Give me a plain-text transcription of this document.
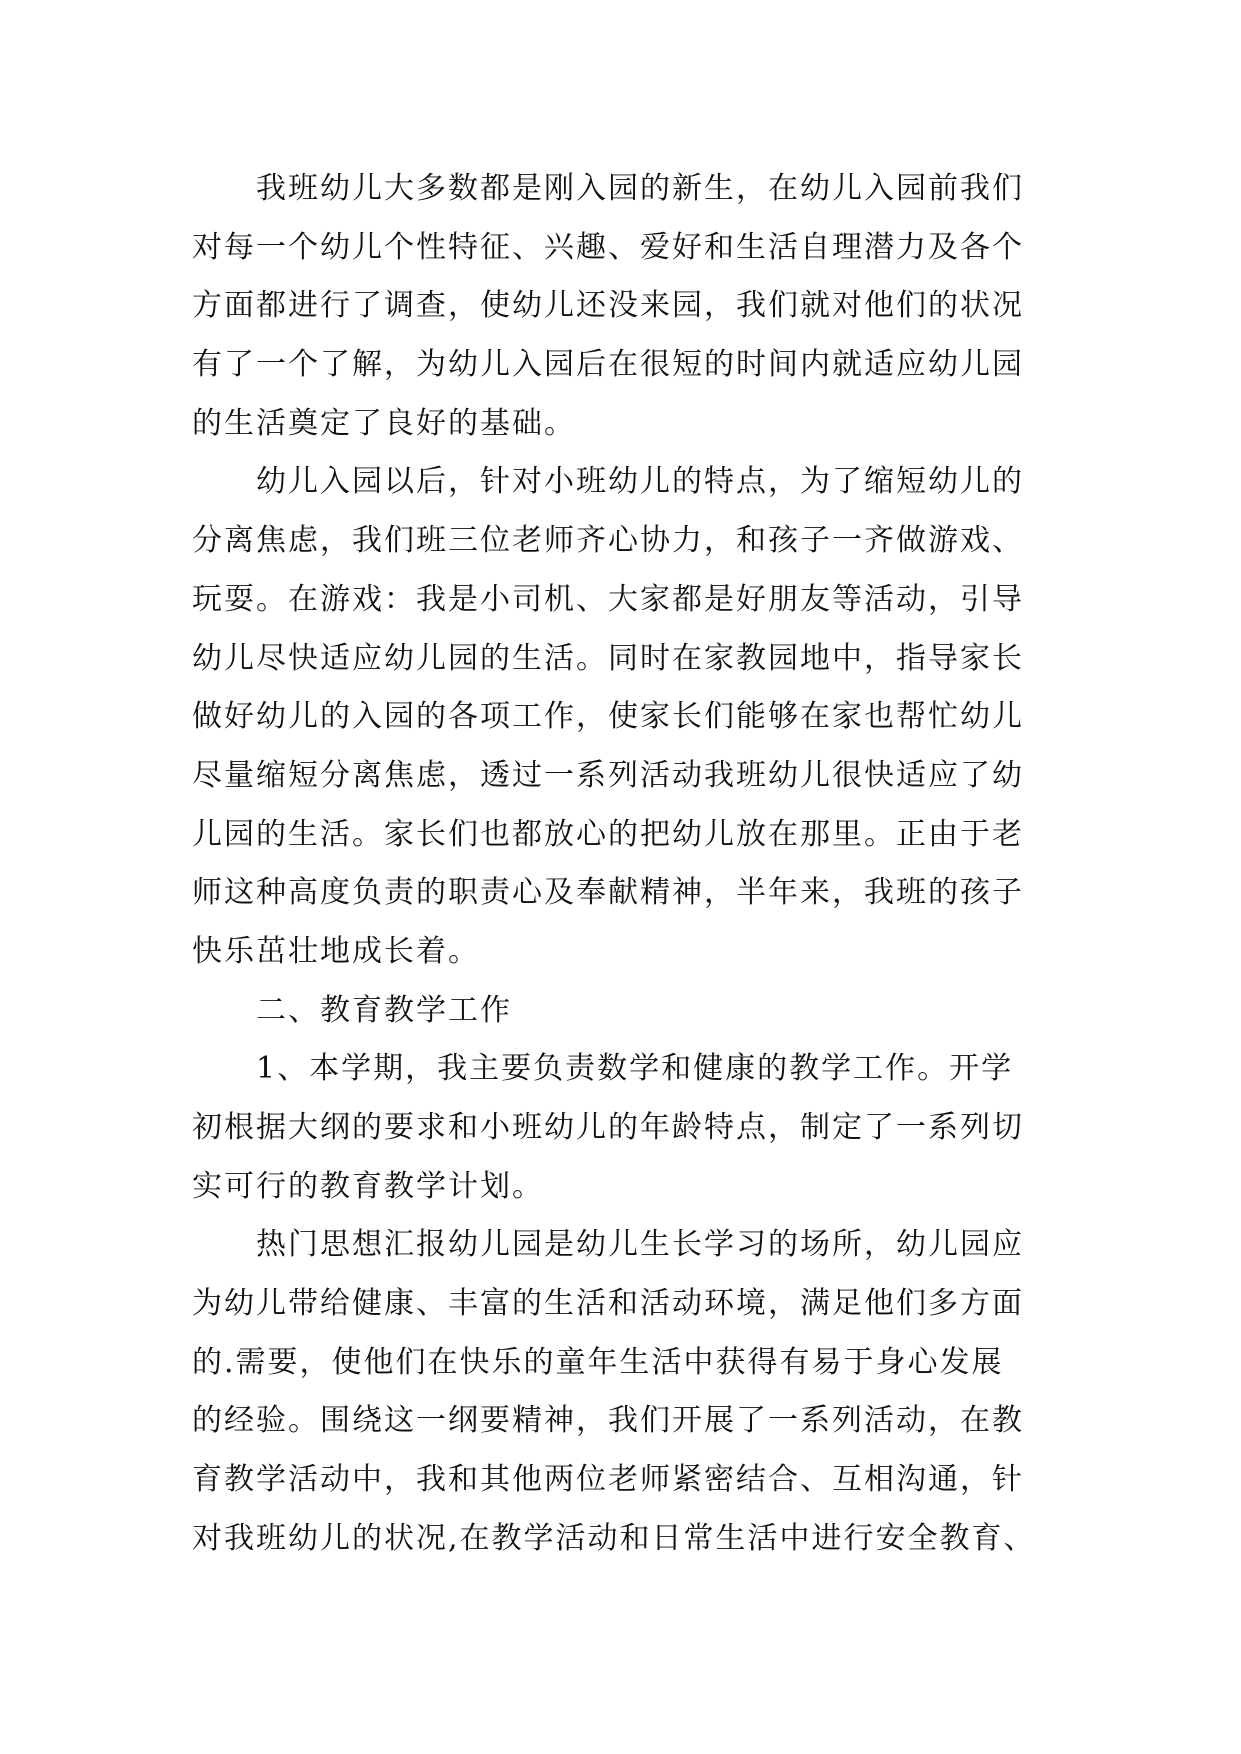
我班幼儿大多数都是刚入园的新生，在幼儿入园前我们
对每一个幼儿个性特征、兴趣、爱好和生活自理潜力及各个
方面都进行了调查，使幼儿还没来园，我们就对他们的状况
有了一个了解，为幼儿入园后在很短的时间内就适应幼儿园
的生活奠定了良好的基础。
幼儿入园以后，针对小班幼儿的特点，为了缩短幼儿的
分离焦虑，我们班三位老师齐心协力，和孩子一齐做游戏、
玩耍。在游戏：我是小司机、大家都是好朋友等活动，引导
幼儿尽快适应幼儿园的生活。同时在家教园地中，指导家长
做好幼儿的入园的各项工作，使家长们能够在家也帮忙幼儿
尽量缩短分离焦虑，透过一系列活动我班幼儿很快适应了幼
儿园的生活。家长们也都放心的把幼儿放在那里。正由于老
师这种高度负责的职责心及奉献精神，半年来，我班的孩子
快乐茁壮地成长着。
二、教育教学工作
1、本学期，我主要负责数学和健康的教学工作。开学
初根据大纲的要求和小班幼儿的年龄特点，制定了一系列切
实可行的教育教学计划。
热门思想汇报幼儿园是幼儿生长学习的场所，幼儿园应
为幼儿带给健康、丰富的生活和活动环境，满足他们多方面
的.需要，使他们在快乐的童年生活中获得有易于身心发展
的经验。围绕这一纲要精神，我们开展了一系列活动，在教
育教学活动中，我和其他两位老师紧密结合、互相沟通，针
对我班幼儿的状况,在教学活动和日常生活中进行安全教育、
